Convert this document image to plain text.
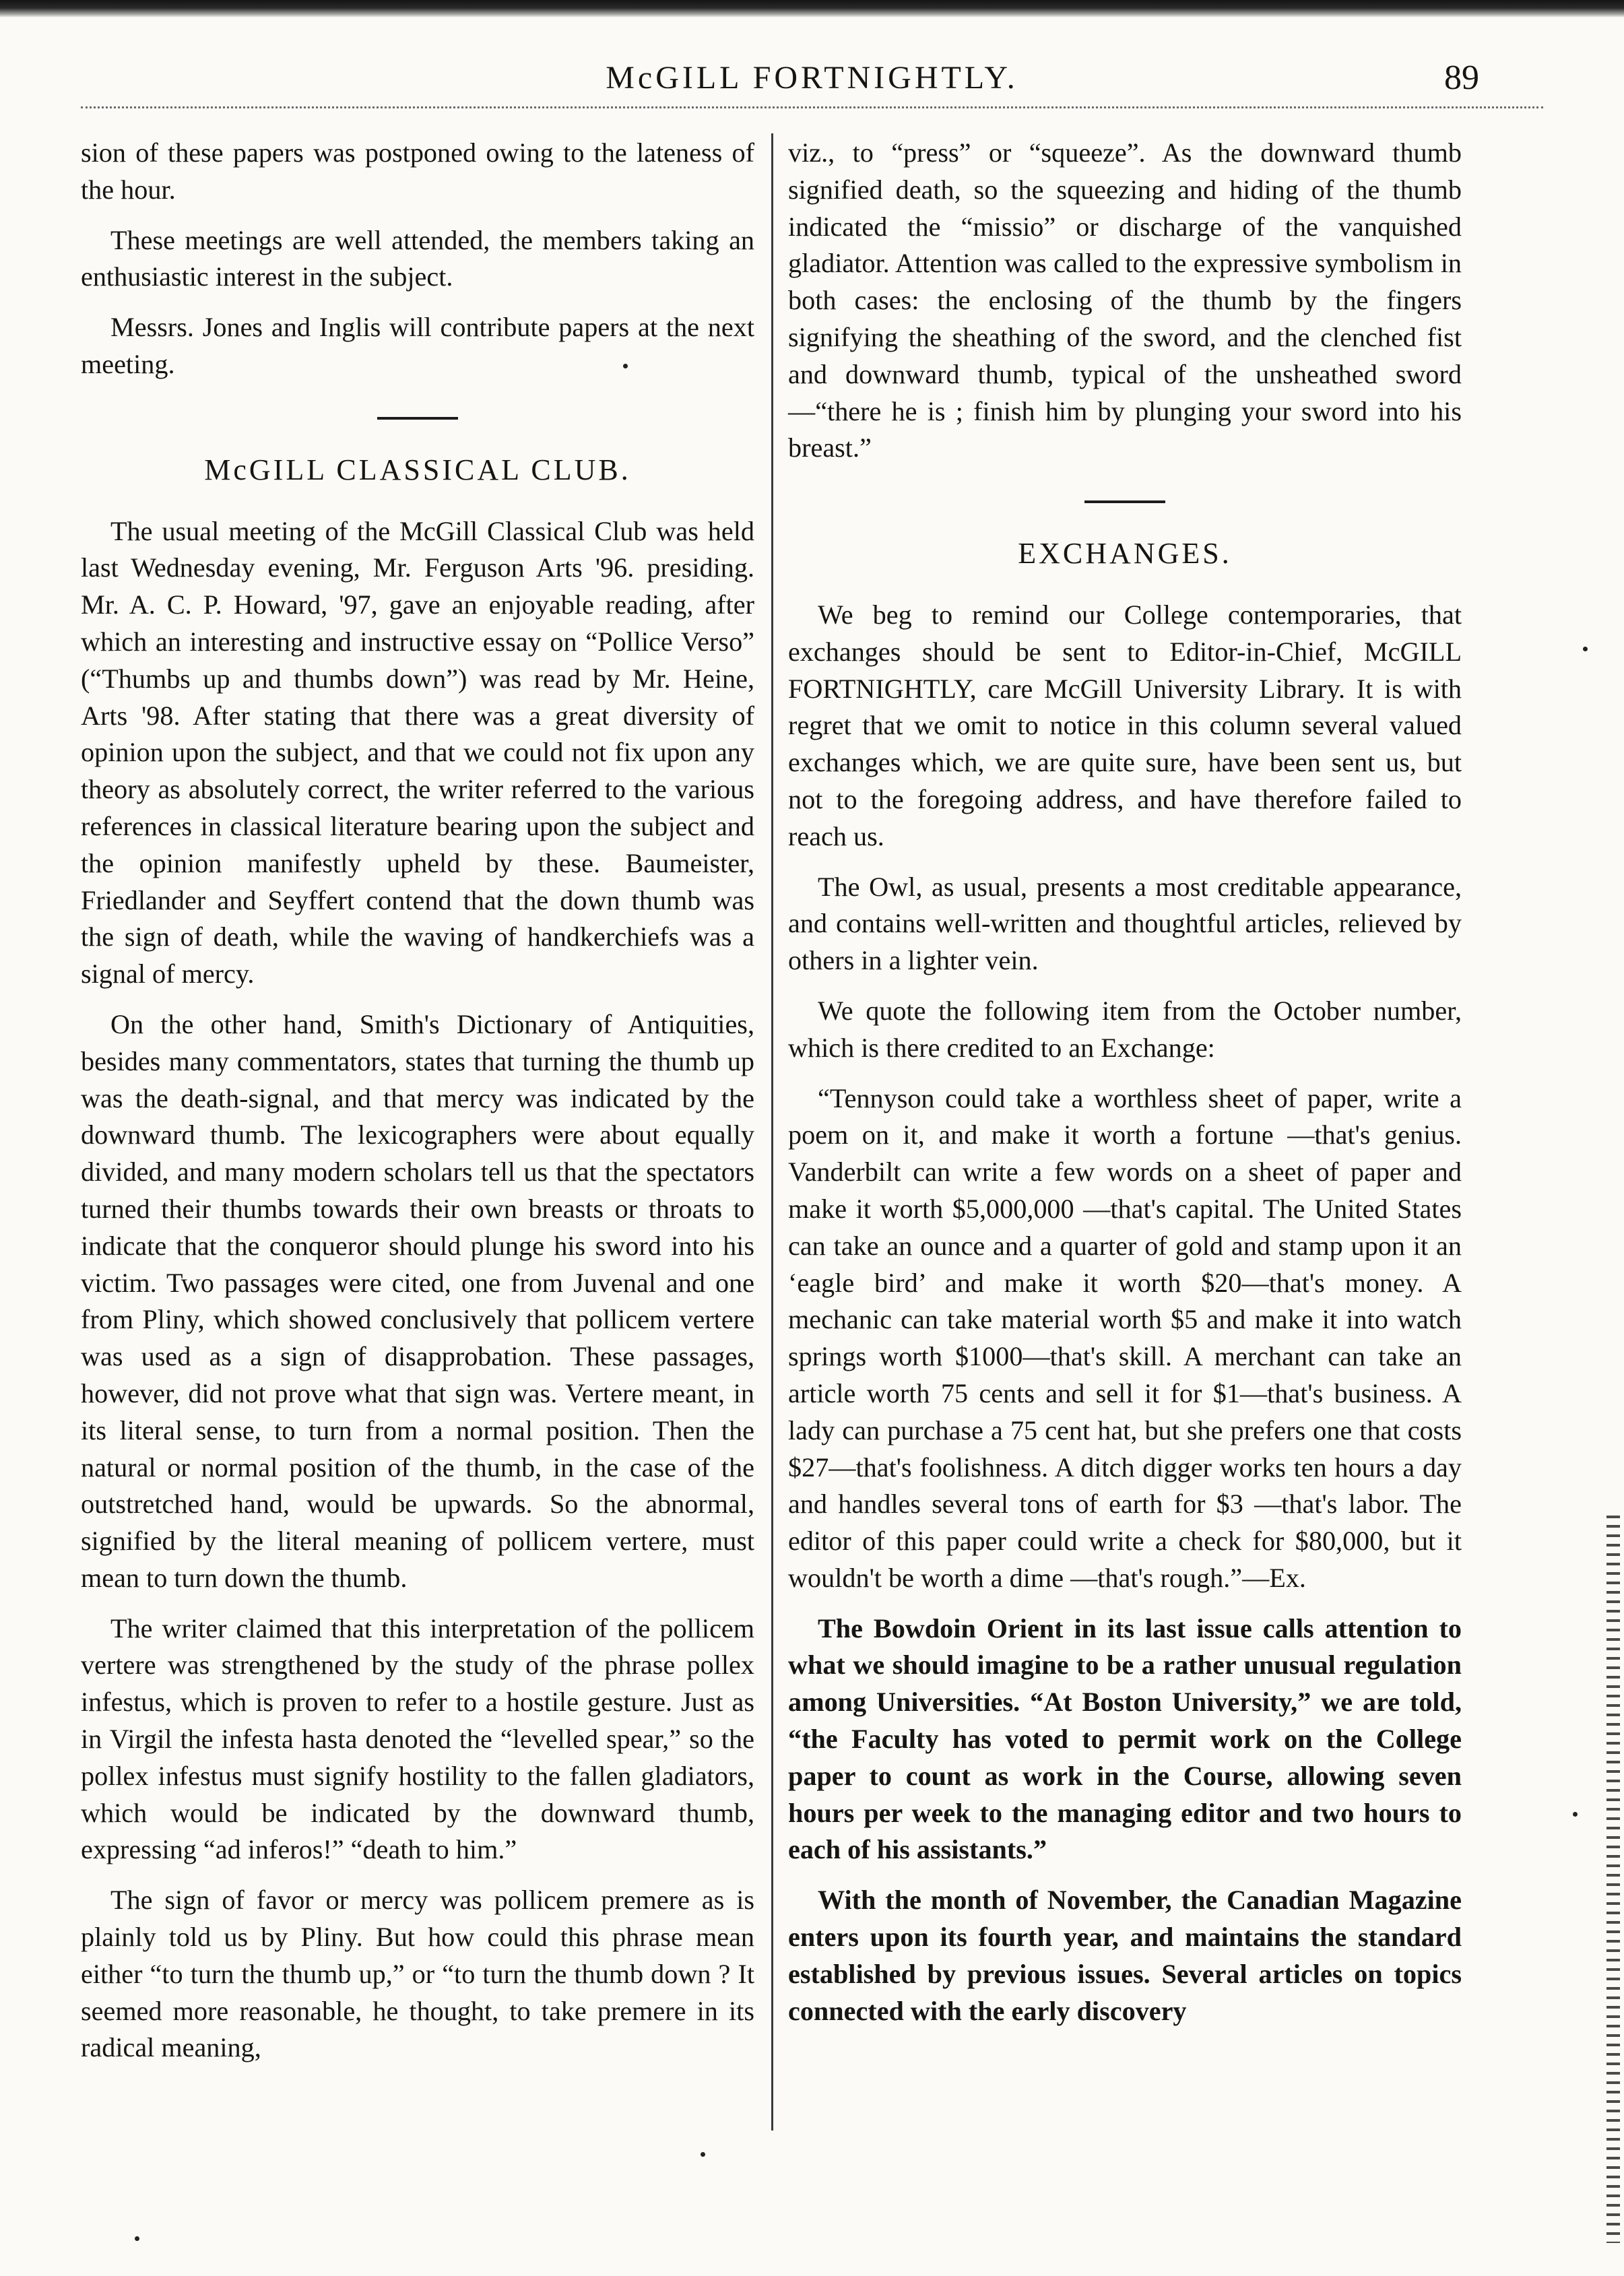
McGILL FORTNIGHTLY.	89

sion of these papers was postponed owing to the lateness of the hour.

These meetings are well attended, the members taking an enthusiastic interest in the subject.

Messrs. Jones and Inglis will contribute papers at the next meeting.

McGILL CLASSICAL CLUB.

The usual meeting of the McGill Classical Club was held last Wednesday evening, Mr. Ferguson Arts '96. presiding. Mr. A. C. P. Howard, '97, gave an enjoyable reading, after which an interesting and instructive essay on “Pollice Verso” (“Thumbs up and thumbs down”) was read by Mr. Heine, Arts '98. After stating that there was a great diversity of opinion upon the subject, and that we could not fix upon any theory as absolutely correct, the writer referred to the various references in classical literature bearing upon the subject and the opinion manifestly upheld by these. Baumeister, Friedlander and Seyffert contend that the down thumb was the sign of death, while the waving of handkerchiefs was a signal of mercy.

On the other hand, Smith's Dictionary of Antiquities, besides many commentators, states that turning the thumb up was the death-signal, and that mercy was indicated by the downward thumb. The lexicographers were about equally divided, and many modern scholars tell us that the spectators turned their thumbs towards their own breasts or throats to indicate that the conqueror should plunge his sword into his victim. Two passages were cited, one from Juvenal and one from Pliny, which showed conclusively that pollicem vertere was used as a sign of disapprobation. These passages, however, did not prove what that sign was. Vertere meant, in its literal sense, to turn from a normal position. Then the natural or normal position of the thumb, in the case of the outstretched hand, would be upwards. So the abnormal, signified by the literal meaning of pollicem vertere, must mean to turn down the thumb.

The writer claimed that this interpretation of the pollicem vertere was strengthened by the study of the phrase pollex infestus, which is proven to refer to a hostile gesture. Just as in Virgil the infesta hasta denoted the “levelled spear,” so the pollex infestus must signify hostility to the fallen gladiators, which would be indicated by the downward thumb, expressing “ad inferos!” “death to him.”

The sign of favor or mercy was pollicem premere as is plainly told us by Pliny. But how could this phrase mean either “to turn the thumb up,” or “to turn the thumb down ? It seemed more reasonable, he thought, to take premere in its radical meaning,

viz., to “press” or “squeeze”. As the downward thumb signified death, so the squeezing and hiding of the thumb indicated the “missio” or discharge of the vanquished gladiator. Attention was called to the expressive symbolism in both cases: the enclosing of the thumb by the fingers signifying the sheathing of the sword, and the clenched fist and downward thumb, typical of the unsheathed sword—“there he is ; finish him by plunging your sword into his breast.”

EXCHANGES.

We beg to remind our College contemporaries, that exchanges should be sent to Editor-in-Chief, McGILL FORTNIGHTLY, care McGill University Library. It is with regret that we omit to notice in this column several valued exchanges which, we are quite sure, have been sent us, but not to the foregoing address, and have therefore failed to reach us.

The Owl, as usual, presents a most creditable appearance, and contains well-written and thoughtful articles, relieved by others in a lighter vein.

We quote the following item from the October number, which is there credited to an Exchange:

“Tennyson could take a worthless sheet of paper, write a poem on it, and make it worth a fortune —that's genius. Vanderbilt can write a few words on a sheet of paper and make it worth $5,000,000 —that's capital. The United States can take an ounce and a quarter of gold and stamp upon it an ‘eagle bird’ and make it worth $20—that's money. A mechanic can take material worth $5 and make it into watch springs worth $1000—that's skill. A merchant can take an article worth 75 cents and sell it for $1—that's business. A lady can purchase a 75 cent hat, but she prefers one that costs $27—that's foolishness. A ditch digger works ten hours a day and handles several tons of earth for $3 —that's labor. The editor of this paper could write a check for $80,000, but it wouldn't be worth a dime —that's rough.”—Ex.

The Bowdoin Orient in its last issue calls attention to what we should imagine to be a rather unusual regulation among Universities. “At Boston University,” we are told, “the Faculty has voted to permit work on the College paper to count as work in the Course, allowing seven hours per week to the managing editor and two hours to each of his assistants.”

With the month of November, the Canadian Magazine enters upon its fourth year, and maintains the standard established by previous issues. Several articles on topics connected with the early discovery
